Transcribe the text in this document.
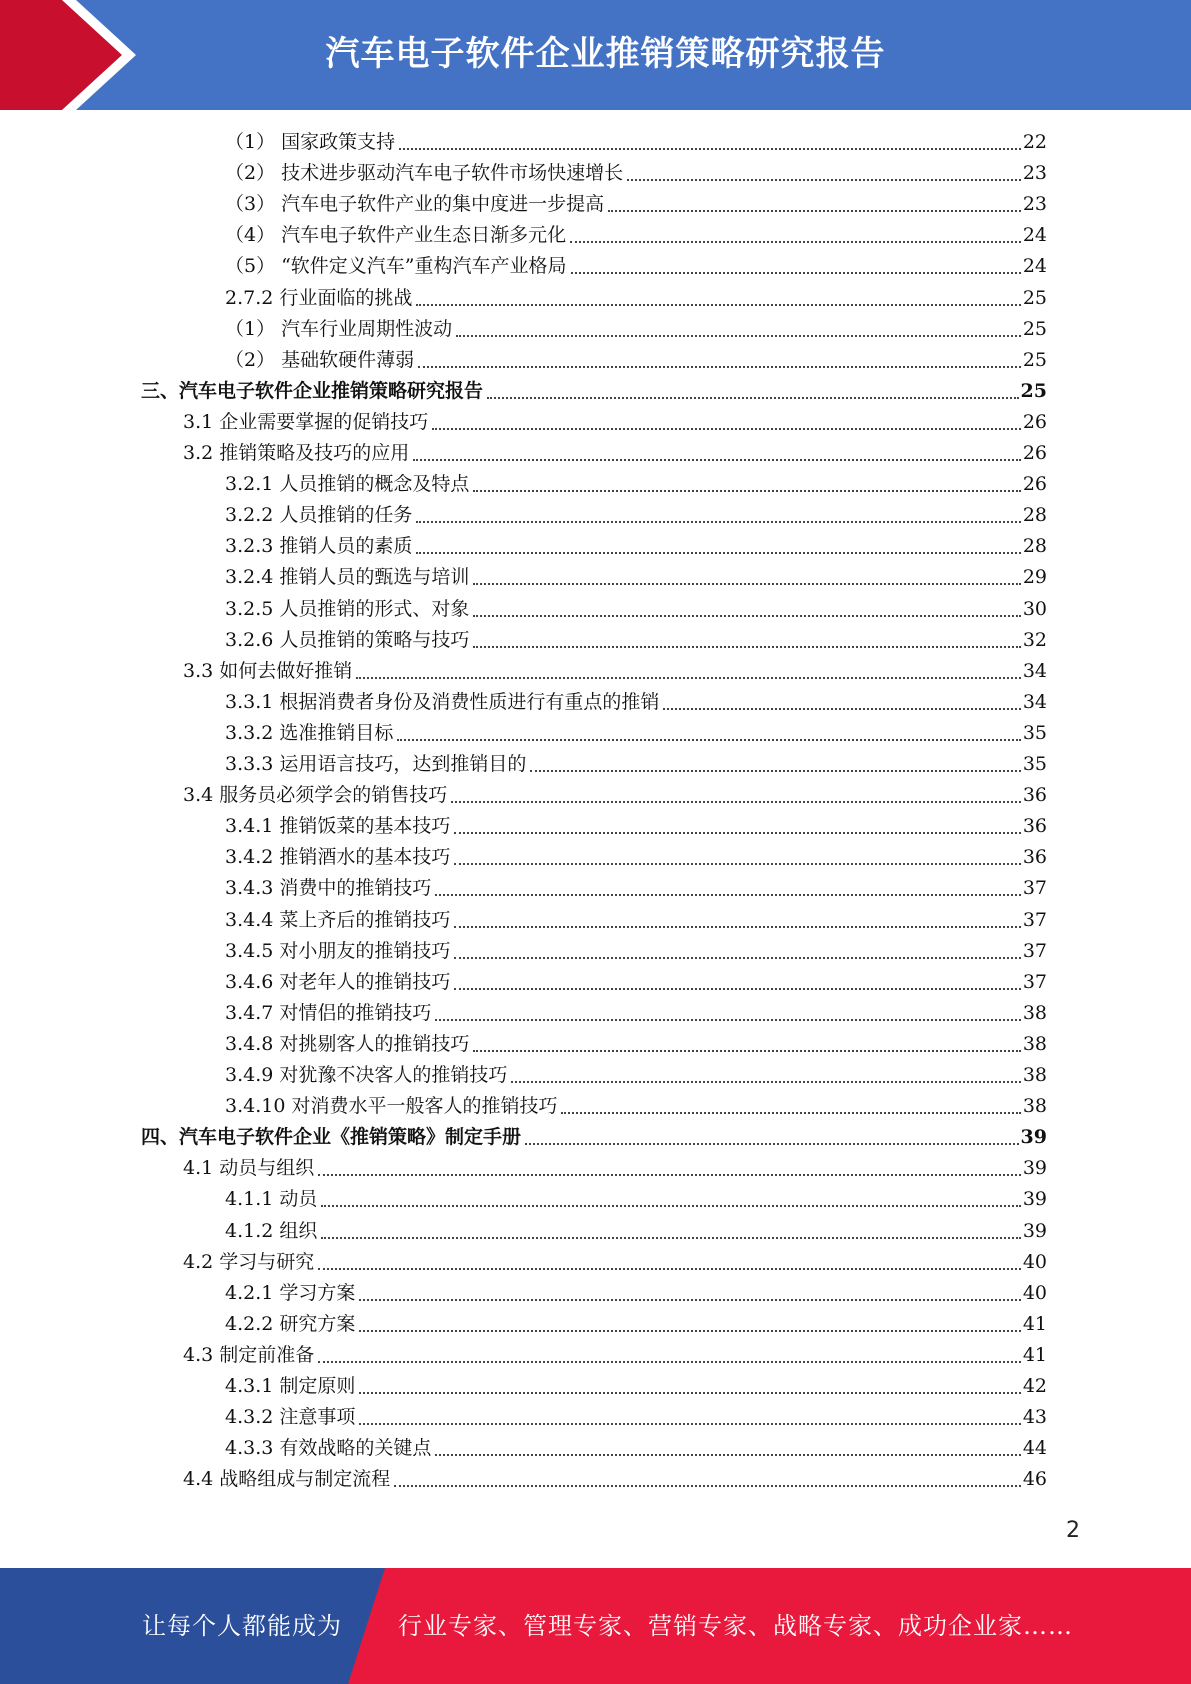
汽车电子软件企业推销策略研究报告
（1） 国家政策支持	22
（2） 技术进步驱动汽车电子软件市场快速增长	23
（3） 汽车电子软件产业的集中度进一步提高	23
（4） 汽车电子软件产业生态日渐多元化	24
（5） “软件定义汽车”重构汽车产业格局	24
2.7.2 行业面临的挑战	25
（1） 汽车行业周期性波动	25
（2） 基础软硬件薄弱	25
三、汽车电子软件企业推销策略研究报告	25
3.1 企业需要掌握的促销技巧	26
3.2 推销策略及技巧的应用	26
3.2.1 人员推销的概念及特点	26
3.2.2 人员推销的任务	28
3.2.3 推销人员的素质	28
3.2.4 推销人员的甄选与培训	29
3.2.5 人员推销的形式、对象	30
3.2.6 人员推销的策略与技巧	32
3.3 如何去做好推销	34
3.3.1 根据消费者身份及消费性质进行有重点的推销	34
3.3.2 选准推销目标	35
3.3.3 运用语言技巧，达到推销目的	35
3.4 服务员必须学会的销售技巧	36
3.4.1 推销饭菜的基本技巧	36
3.4.2 推销酒水的基本技巧	36
3.4.3 消费中的推销技巧	37
3.4.4 菜上齐后的推销技巧	37
3.4.5 对小朋友的推销技巧	37
3.4.6 对老年人的推销技巧	37
3.4.7 对情侣的推销技巧	38
3.4.8 对挑剔客人的推销技巧	38
3.4.9 对犹豫不决客人的推销技巧	38
3.4.10 对消费水平一般客人的推销技巧	38
四、汽车电子软件企业《推销策略》制定手册	39
4.1 动员与组织	39
4.1.1 动员	39
4.1.2 组织	39
4.2 学习与研究	40
4.2.1 学习方案	40
4.2.2 研究方案	41
4.3 制定前准备	41
4.3.1 制定原则	42
4.3.2 注意事项	43
4.3.3 有效战略的关键点	44
4.4 战略组成与制定流程	46
2
让每个人都能成为 行业专家、管理专家、营销专家、战略专家、成功企业家……
